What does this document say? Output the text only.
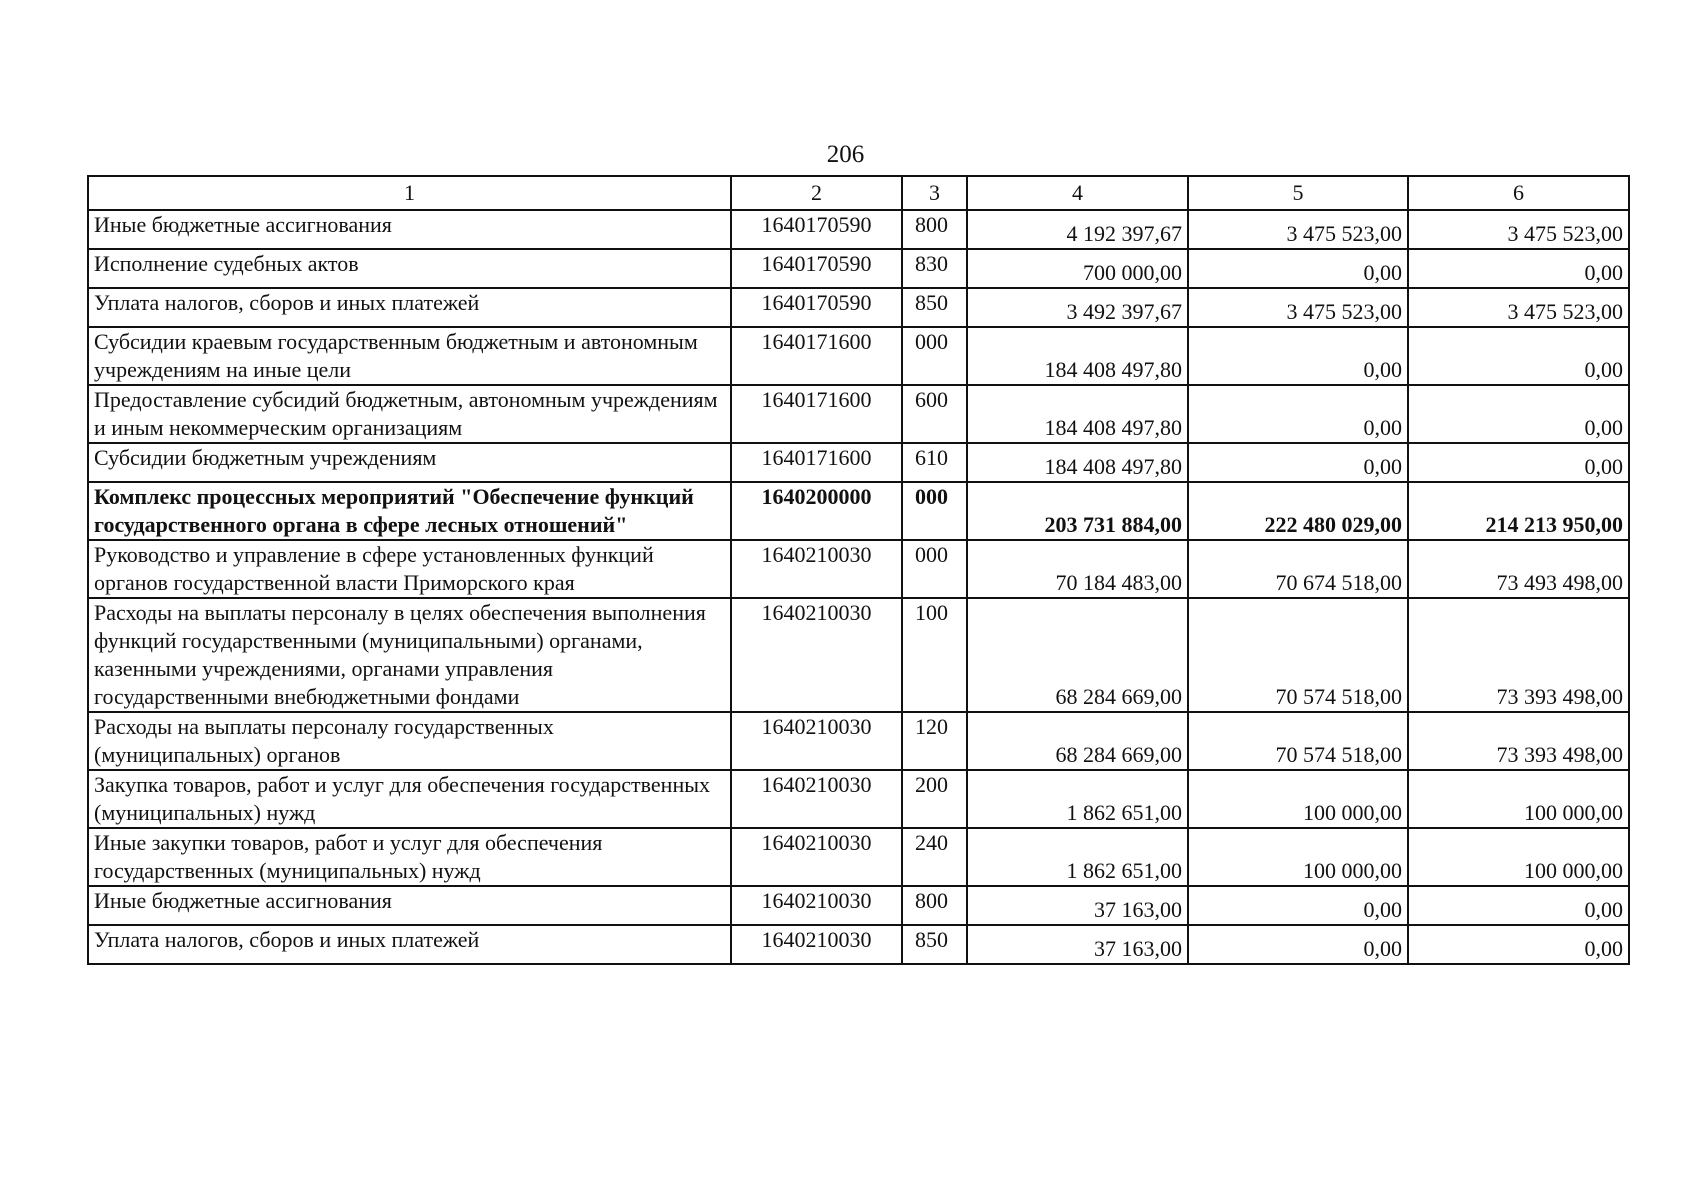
206
1	2	3	4	5	6
Иные бюджетные ассигнования	1640170590	800	4 192 397,67	3 475 523,00	3 475 523,00
Исполнение судебных актов	1640170590	830	700 000,00	0,00	0,00
Уплата налогов, сборов и иных платежей	1640170590	850	3 492 397,67	3 475 523,00	3 475 523,00
Субсидии краевым государственным бюджетным и автономным учреждениям на иные цели	1640171600	000	184 408 497,80	0,00	0,00
Предоставление субсидий бюджетным, автономным учреждениям и иным некоммерческим организациям	1640171600	600	184 408 497,80	0,00	0,00
Субсидии бюджетным учреждениям	1640171600	610	184 408 497,80	0,00	0,00
Комплекс процессных мероприятий "Обеспечение функций государственного органа в сфере лесных отношений"	1640200000	000	203 731 884,00	222 480 029,00	214 213 950,00
Руководство и управление в сфере установленных функций органов государственной власти Приморского края	1640210030	000	70 184 483,00	70 674 518,00	73 493 498,00
Расходы на выплаты персоналу в целях обеспечения выполнения функций государственными (муниципальными) органами, казенными учреждениями, органами управления государственными внебюджетными фондами	1640210030	100	68 284 669,00	70 574 518,00	73 393 498,00
Расходы на выплаты персоналу государственных (муниципальных) органов	1640210030	120	68 284 669,00	70 574 518,00	73 393 498,00
Закупка товаров, работ и услуг для обеспечения государственных (муниципальных) нужд	1640210030	200	1 862 651,00	100 000,00	100 000,00
Иные закупки товаров, работ и услуг для обеспечения государственных (муниципальных) нужд	1640210030	240	1 862 651,00	100 000,00	100 000,00
Иные бюджетные ассигнования	1640210030	800	37 163,00	0,00	0,00
Уплата налогов, сборов и иных платежей	1640210030	850	37 163,00	0,00	0,00
